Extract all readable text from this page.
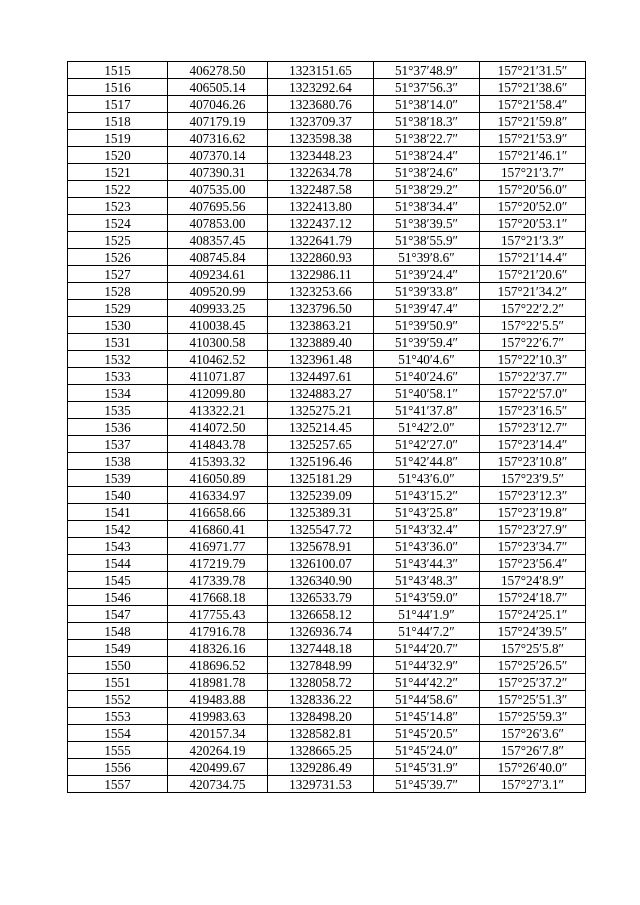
1515	406278.50	1323151.65	51°37′48.9″	157°21′31.5″
1516	406505.14	1323292.64	51°37′56.3″	157°21′38.6″
1517	407046.26	1323680.76	51°38′14.0″	157°21′58.4″
1518	407179.19	1323709.37	51°38′18.3″	157°21′59.8″
1519	407316.62	1323598.38	51°38′22.7″	157°21′53.9″
1520	407370.14	1323448.23	51°38′24.4″	157°21′46.1″
1521	407390.31	1322634.78	51°38′24.6″	157°21′3.7″
1522	407535.00	1322487.58	51°38′29.2″	157°20′56.0″
1523	407695.56	1322413.80	51°38′34.4″	157°20′52.0″
1524	407853.00	1322437.12	51°38′39.5″	157°20′53.1″
1525	408357.45	1322641.79	51°38′55.9″	157°21′3.3″
1526	408745.84	1322860.93	51°39′8.6″	157°21′14.4″
1527	409234.61	1322986.11	51°39′24.4″	157°21′20.6″
1528	409520.99	1323253.66	51°39′33.8″	157°21′34.2″
1529	409933.25	1323796.50	51°39′47.4″	157°22′2.2″
1530	410038.45	1323863.21	51°39′50.9″	157°22′5.5″
1531	410300.58	1323889.40	51°39′59.4″	157°22′6.7″
1532	410462.52	1323961.48	51°40′4.6″	157°22′10.3″
1533	411071.87	1324497.61	51°40′24.6″	157°22′37.7″
1534	412099.80	1324883.27	51°40′58.1″	157°22′57.0″
1535	413322.21	1325275.21	51°41′37.8″	157°23′16.5″
1536	414072.50	1325214.45	51°42′2.0″	157°23′12.7″
1537	414843.78	1325257.65	51°42′27.0″	157°23′14.4″
1538	415393.32	1325196.46	51°42′44.8″	157°23′10.8″
1539	416050.89	1325181.29	51°43′6.0″	157°23′9.5″
1540	416334.97	1325239.09	51°43′15.2″	157°23′12.3″
1541	416658.66	1325389.31	51°43′25.8″	157°23′19.8″
1542	416860.41	1325547.72	51°43′32.4″	157°23′27.9″
1543	416971.77	1325678.91	51°43′36.0″	157°23′34.7″
1544	417219.79	1326100.07	51°43′44.3″	157°23′56.4″
1545	417339.78	1326340.90	51°43′48.3″	157°24′8.9″
1546	417668.18	1326533.79	51°43′59.0″	157°24′18.7″
1547	417755.43	1326658.12	51°44′1.9″	157°24′25.1″
1548	417916.78	1326936.74	51°44′7.2″	157°24′39.5″
1549	418326.16	1327448.18	51°44′20.7″	157°25′5.8″
1550	418696.52	1327848.99	51°44′32.9″	157°25′26.5″
1551	418981.78	1328058.72	51°44′42.2″	157°25′37.2″
1552	419483.88	1328336.22	51°44′58.6″	157°25′51.3″
1553	419983.63	1328498.20	51°45′14.8″	157°25′59.3″
1554	420157.34	1328582.81	51°45′20.5″	157°26′3.6″
1555	420264.19	1328665.25	51°45′24.0″	157°26′7.8″
1556	420499.67	1329286.49	51°45′31.9″	157°26′40.0″
1557	420734.75	1329731.53	51°45′39.7″	157°27′3.1″
